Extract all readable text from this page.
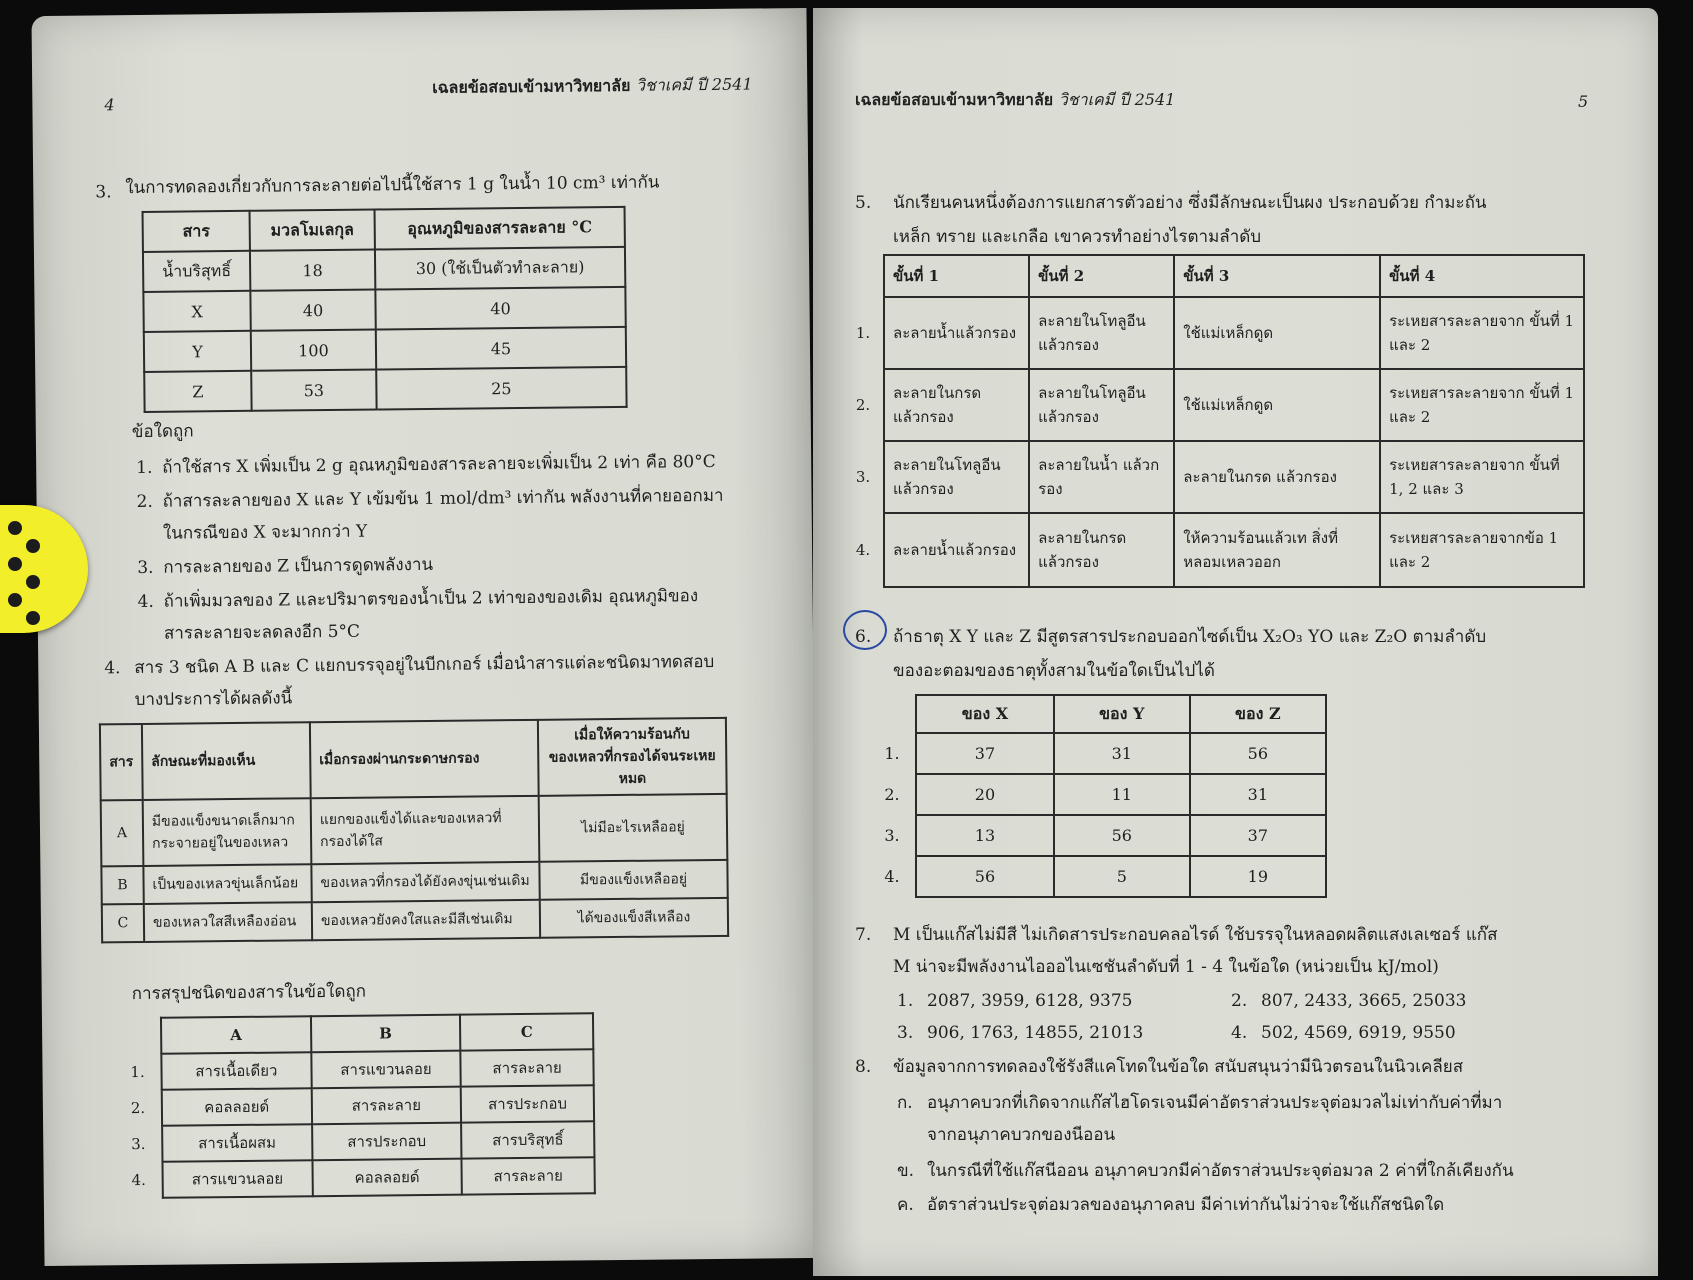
4
เฉลยข้อสอบเข้ามหาวิทยาลัย วิชาเคมี ปี 2541
3. ในการทดลองเกี่ยวกับการละลายต่อไปนี้ใช้สาร 1 g ในน้ำ 10 cm³ เท่ากัน
สาร	มวลโมเลกุล	อุณหภูมิของสารละลาย °C
น้ำบริสุทธิ์	18	30 (ใช้เป็นตัวทำละลาย)
X	40	40
Y	100	45
Z	53	25
ข้อใดถูก
1. ถ้าใช้สาร X เพิ่มเป็น 2 g อุณหภูมิของสารละลายจะเพิ่มเป็น 2 เท่า คือ 80°C
2. ถ้าสารละลายของ X และ Y เข้มข้น 1 mol/dm³ เท่ากัน พลังงานที่คายออกมา
ในกรณีของ X จะมากกว่า Y
3. การละลายของ Z เป็นการดูดพลังงาน
4. ถ้าเพิ่มมวลของ Z และปริมาตรของน้ำเป็น 2 เท่าของของเดิม อุณหภูมิของ
สารละลายจะลดลงอีก 5°C
4. สาร 3 ชนิด A B และ C แยกบรรจุอยู่ในบีกเกอร์ เมื่อนำสารแต่ละชนิดมาทดสอบ
บางประการได้ผลดังนี้
สาร	ลักษณะที่มองเห็น	เมื่อกรองผ่านกระดาษกรอง	เมื่อให้ความร้อนกับ ของเหลวที่กรองได้จนระเหยหมด
A	มีของแข็งขนาดเล็กมาก กระจายอยู่ในของเหลว	แยกของแข็งได้และของเหลวที่ กรองได้ใส	ไม่มีอะไรเหลืออยู่
B	เป็นของเหลวขุ่นเล็กน้อย	ของเหลวที่กรองได้ยังคงขุ่นเช่นเดิม	มีของแข็งเหลืออยู่
C	ของเหลวใสสีเหลืองอ่อน	ของเหลวยังคงใสและมีสีเช่นเดิม	ได้ของแข็งสีเหลือง
การสรุปชนิดของสารในข้อใดถูก
	A	B	C
1.	สารเนื้อเดียว	สารแขวนลอย	สารละลาย
2.	คอลลอยด์	สารละลาย	สารประกอบ
3.	สารเนื้อผสม	สารประกอบ	สารบริสุทธิ์
4.	สารแขวนลอย	คอลลอยด์	สารละลาย
เฉลยข้อสอบเข้ามหาวิทยาลัย วิชาเคมี ปี 2541	5
5. นักเรียนคนหนึ่งต้องการแยกสารตัวอย่าง ซึ่งมีลักษณะเป็นผง ประกอบด้วย กำมะถัน
เหล็ก ทราย และเกลือ เขาควรทำอย่างไรตามลำดับ
	ขั้นที่ 1	ขั้นที่ 2	ขั้นที่ 3	ขั้นที่ 4
1.	ละลายน้ำแล้วกรอง	ละลายในโทลูอีน แล้วกรอง	ใช้แม่เหล็กดูด	ระเหยสารละลายจาก ขั้นที่ 1 และ 2
2.	ละลายในกรด แล้วกรอง	ละลายในโทลูอีน แล้วกรอง	ใช้แม่เหล็กดูด	ระเหยสารละลายจาก ขั้นที่ 1 และ 2
3.	ละลายในโทลูอีน แล้วกรอง	ละลายในน้ำ แล้วกรอง	ละลายในกรด แล้วกรอง	ระเหยสารละลายจาก ขั้นที่ 1, 2 และ 3
4.	ละลายน้ำแล้วกรอง	ละลายในกรด แล้วกรอง	ให้ความร้อนแล้วเท สิ่งที่หลอมเหลวออก	ระเหยสารละลายจากข้อ 1 และ 2
6. ถ้าธาตุ X Y และ Z มีสูตรสารประกอบออกไซด์เป็น X₂O₃ YO และ Z₂O ตามลำดับ
ของอะตอมของธาตุทั้งสามในข้อใดเป็นไปได้
	ของ X	ของ Y	ของ Z
1.	37	31	56
2.	20	11	31
3.	13	56	37
4.	56	5	19
7. M เป็นแก๊สไม่มีสี ไม่เกิดสารประกอบคลอไรด์ ใช้บรรจุในหลอดผลิตแสงเลเซอร์ แก๊ส
M น่าจะมีพลังงานไอออไนเซชันลำดับที่ 1 - 4 ในข้อใด (หน่วยเป็น kJ/mol)
1. 2087, 3959, 6128, 9375	2. 807, 2433, 3665, 25033
3. 906, 1763, 14855, 21013	4. 502, 4569, 6919, 9550
8. ข้อมูลจากการทดลองใช้รังสีแคโทดในข้อใด สนับสนุนว่ามีนิวตรอนในนิวเคลียส
ก. อนุภาคบวกที่เกิดจากแก๊สไฮโดรเจนมีค่าอัตราส่วนประจุต่อมวลไม่เท่ากับค่าที่มา
จากอนุภาคบวกของนีออน
ข. ในกรณีที่ใช้แก๊สนีออน อนุภาคบวกมีค่าอัตราส่วนประจุต่อมวล 2 ค่าที่ใกล้เคียงกัน
ค. อัตราส่วนประจุต่อมวลของอนุภาคลบ มีค่าเท่ากันไม่ว่าจะใช้แก๊สชนิดใด
